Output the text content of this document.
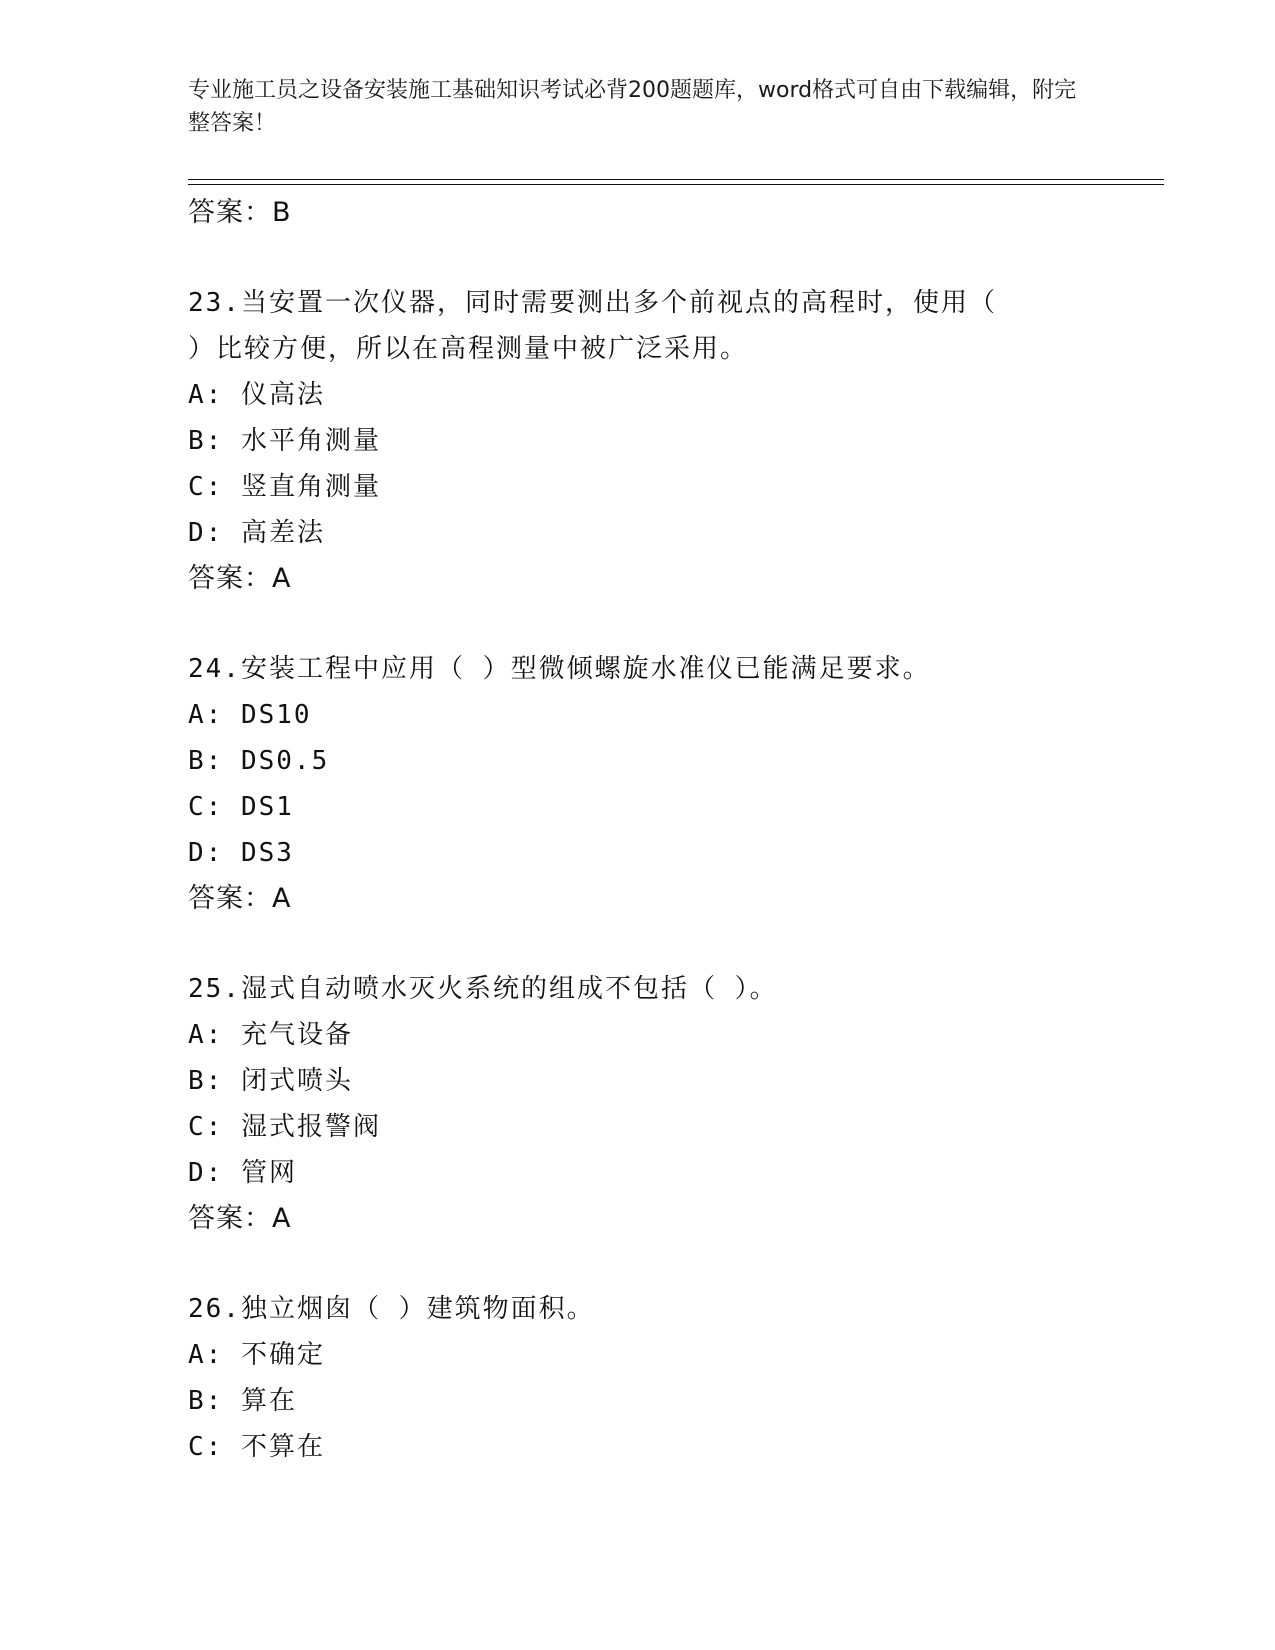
专业施工员之设备安装施工基础知识考试必背200题题库，word格式可自由下载编辑，附完整答案！
答案：B
23.当安置一次仪器，同时需要测出多个前视点的高程时，使用（ ）比较方便，所以在高程测量中被广泛采用。
A: 仪高法
B: 水平角测量
C: 竖直角测量
D: 高差法
答案：A
24.安装工程中应用（ ）型微倾螺旋水准仪已能满足要求。
A: DS10
B: DS0.5
C: DS1
D: DS3
答案：A
25.湿式自动喷水灭火系统的组成不包括（ ）。
A: 充气设备
B: 闭式喷头
C: 湿式报警阀
D: 管网
答案：A
26.独立烟囱（ ）建筑物面积。
A: 不确定
B: 算在
C: 不算在
